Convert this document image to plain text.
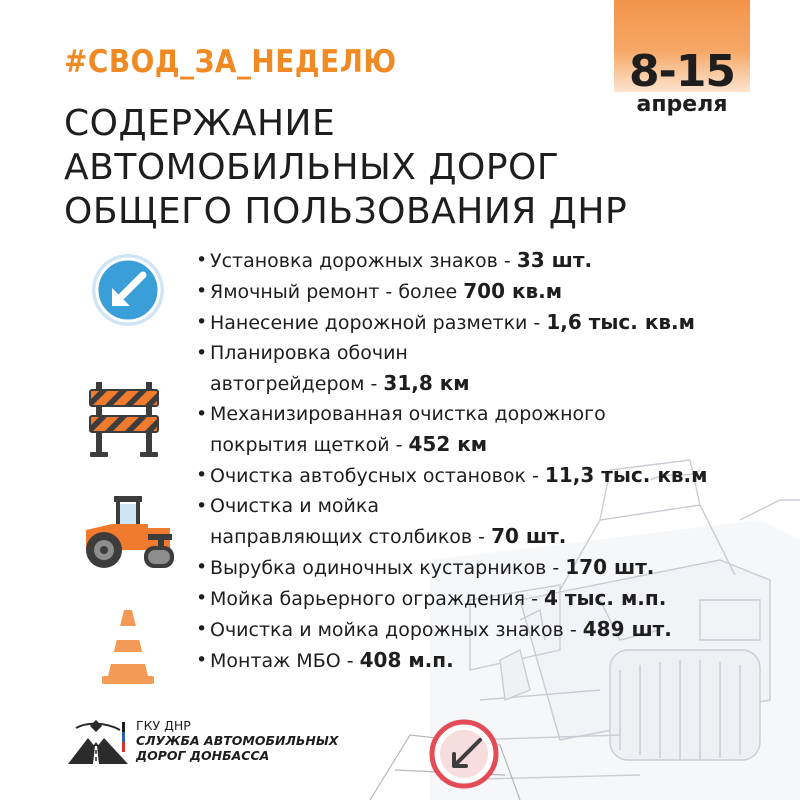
8-15
апреля
#СВОД_ЗА_НЕДЕЛЮ
СОДЕРЖАНИЕ
АВТОМОБИЛЬНЫХ ДОРОГ
ОБЩЕГО ПОЛЬЗОВАНИЯ ДНР
• Установка дорожных знаков - 33 шт.
• Ямочный ремонт - более 700 кв.м
• Нанесение дорожной разметки - 1,6 тыс. кв.м
• Планировка обочин
автогрейдером - 31,8 км
• Механизированная очистка дорожного
покрытия щеткой - 452 км
• Очистка автобусных остановок - 11,3 тыс. кв.м
• Очистка и мойка
направляющих столбиков - 70 шт.
• Вырубка одиночных кустарников - 170 шт.
• Мойка барьерного ограждения - 4 тыс. м.п.
• Очистка и мойка дорожных знаков - 489 шт.
• Монтаж МБО - 408 м.п.
ГКУ ДНР
СЛУЖБА АВТОМОБИЛЬНЫХ
ДОРОГ ДОНБАССА
